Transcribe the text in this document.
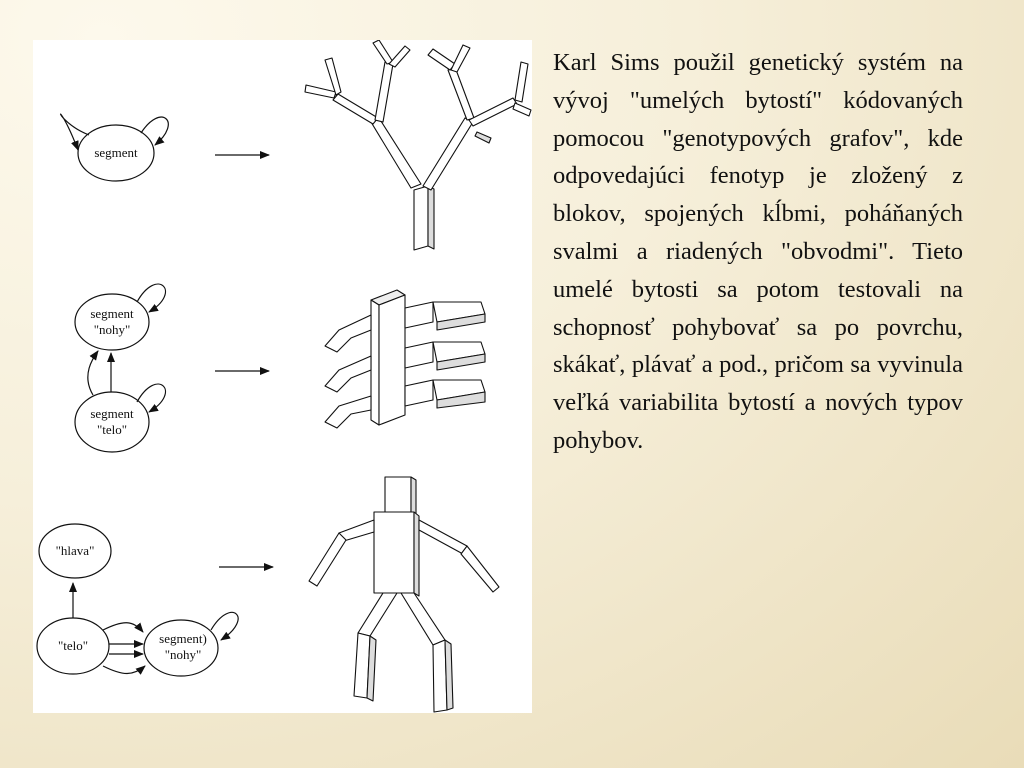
segment
segment
"nohy"
segment
"telo"
"hlava"
"telo"	segment)
"nohy"

Karl Sims použil genetický systém na vývoj "umelých bytostí" kódovaných pomocou "genotypových grafov", kde odpovedajúci fenotyp je zložený z blokov, spojených kĺbmi, poháňaných svalmi a riadených "obvodmi". Tieto umelé bytosti sa potom testovali na schopnosť pohybovať sa po povrchu, skákať, plávať a pod., pričom sa vyvinula veľká variabilita bytostí a nových typov pohybov.
